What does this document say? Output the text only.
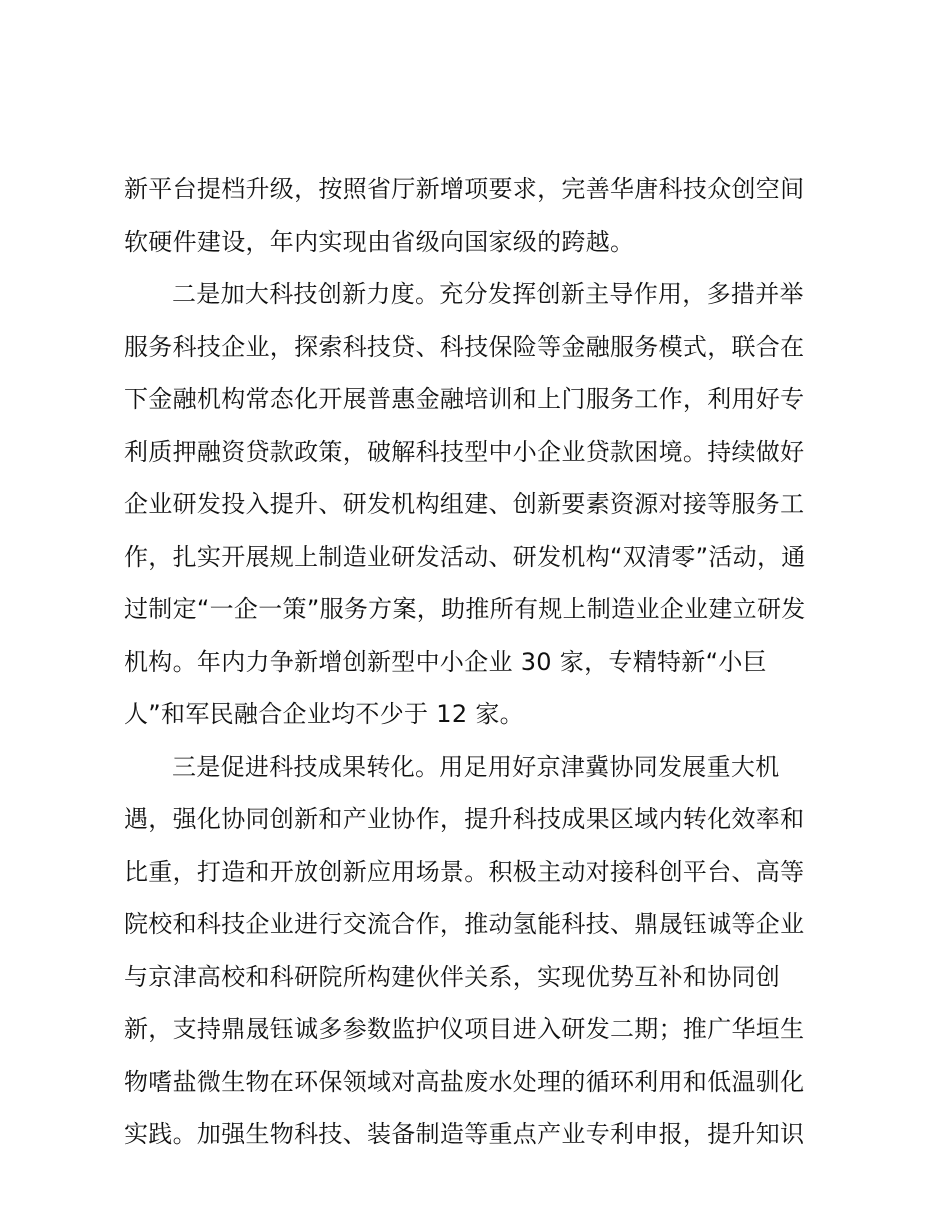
新平台提档升级，按照省厅新增项要求，完善华唐科技众创空间
软硬件建设，年内实现由省级向国家级的跨越。
二是加大科技创新力度。充分发挥创新主导作用，多措并举
服务科技企业，探索科技贷、科技保险等金融服务模式，联合在
下金融机构常态化开展普惠金融培训和上门服务工作，利用好专
利质押融资贷款政策，破解科技型中小企业贷款困境。持续做好
企业研发投入提升、研发机构组建、创新要素资源对接等服务工
作，扎实开展规上制造业研发活动、研发机构“双清零”活动，通
过制定“一企一策”服务方案，助推所有规上制造业企业建立研发
机构。年内力争新增创新型中小企业 30 家，专精特新“小巨
人”和军民融合企业均不少于 12 家。
三是促进科技成果转化。用足用好京津冀协同发展重大机
遇，强化协同创新和产业协作，提升科技成果区域内转化效率和
比重，打造和开放创新应用场景。积极主动对接科创平台、高等
院校和科技企业进行交流合作，推动氢能科技、鼎晟钰诚等企业
与京津高校和科研院所构建伙伴关系，实现优势互补和协同创
新，支持鼎晟钰诚多参数监护仪项目进入研发二期；推广华垣生
物嗜盐微生物在环保领域对高盐废水处理的循环利用和低温驯化
实践。加强生物科技、装备制造等重点产业专利申报，提升知识
